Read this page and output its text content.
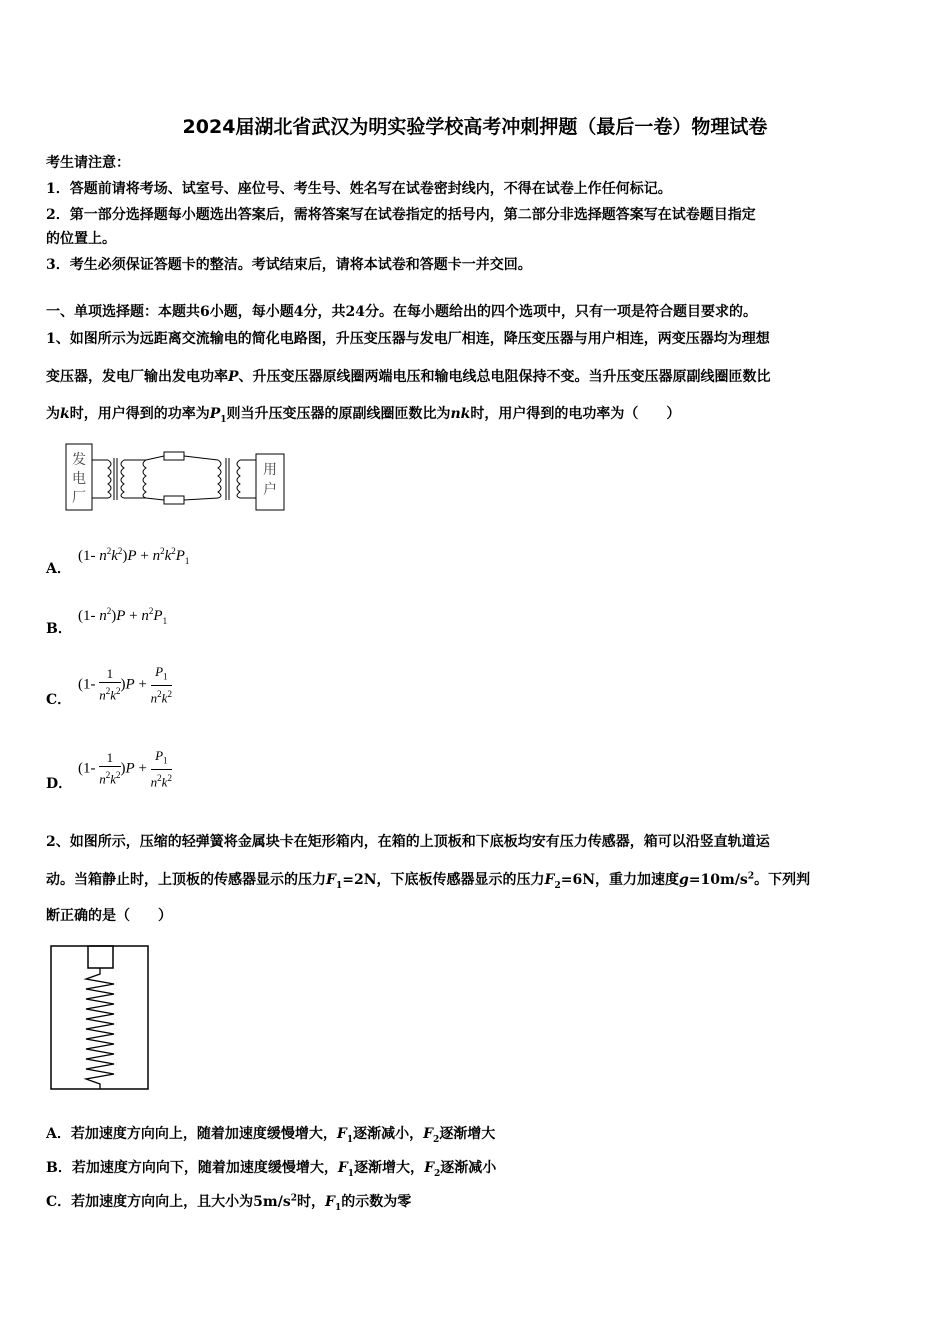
2024届湖北省武汉为明实验学校高考冲刺押题（最后一卷）物理试卷
考生请注意：
1．答题前请将考场、试室号、座位号、考生号、姓名写在试卷密封线内，不得在试卷上作任何标记。
2．第一部分选择题每小题选出答案后，需将答案写在试卷指定的括号内，第二部分非选择题答案写在试卷题目指定
的位置上。
3．考生必须保证答题卡的整洁。考试结束后，请将本试卷和答题卡一并交回。
一、单项选择题：本题共6小题，每小题4分，共24分。在每小题给出的四个选项中，只有一项是符合题目要求的。
1、如图所示为远距离交流输电的简化电路图，升压变压器与发电厂相连，降压变压器与用户相连，两变压器均为理想
变压器，发电厂输出发电功率P、升压变压器原线圈两端电压和输电线总电阻保持不变。当升压变压器原副线圈匝数比
为k时，用户得到的功率为$P_1$则当升压变压器的原副线圈匝数比为nk时，用户得到的电功率为（　　）
发
电
厂
用
户
A．
(1- $n^2k^2)P + n^2k^2P_1$
B．
(1- $n^2)P + n^2P_1$
C．
$(1- \frac{1}{n^2k^2} )P + \frac{P_1}{n^2k^2}$
D．
$(1- \frac{1}{n^2k^2} )P + \frac{P_1}{n^2k^2}$
2、如图所示，压缩的轻弹簧将金属块卡在矩形箱内，在箱的上顶板和下底板均安有压力传感器，箱可以沿竖直轨道运
动。当箱静止时，上顶板的传感器显示的压力$F_1=2N$，下底板传感器显示的压力$F_2=6N$，重力加速度$g=10m/s^2$。下列判
断正确的是（　　）
A．若加速度方向向上，随着加速度缓慢增大，$F_1$逐渐减小，$F_2$逐渐增大
B．若加速度方向向下，随着加速度缓慢增大，$F_1$逐渐增大，$F_2$逐渐减小
C．若加速度方向向上，且大小为$5m/s^2$时，$F_1$的示数为零
